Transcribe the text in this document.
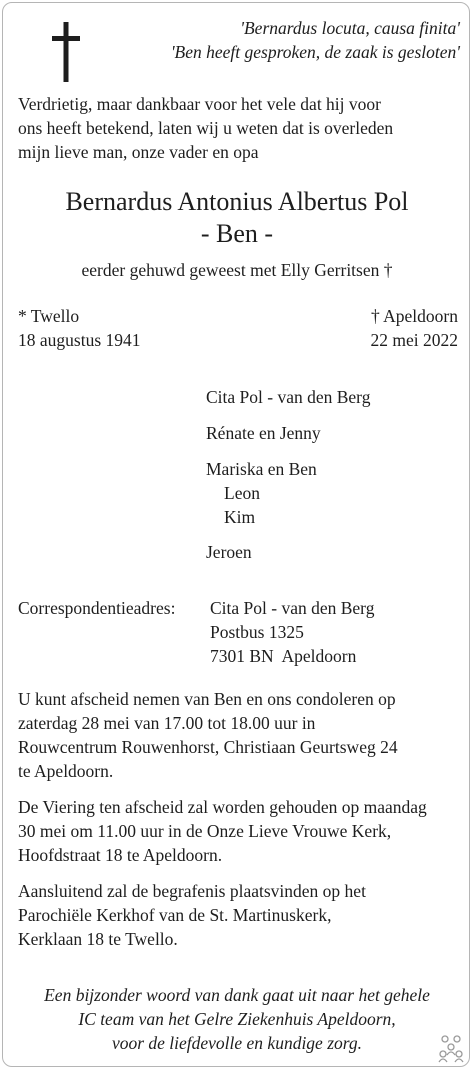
'Bernardus locuta, causa finita'
'Ben heeft gesproken, de zaak is gesloten'
Verdrietig, maar dankbaar voor het vele dat hij voor
ons heeft betekend, laten wij u weten dat is overleden
mijn lieve man, onze vader en opa
Bernardus Antonius Albertus Pol
- Ben -
eerder gehuwd geweest met Elly Gerritsen †
* Twello
18 augustus 1941
† Apeldoorn
22 mei 2022
Cita Pol - van den Berg
Rénate en Jenny
Mariska en Ben
Leon
Kim
Jeroen
Correspondentieadres: Cita Pol - van den Berg
Postbus 1325
7301 BN  Apeldoorn
U kunt afscheid nemen van Ben en ons condoleren op
zaterdag 28 mei van 17.00 tot 18.00 uur in
Rouwcentrum Rouwenhorst, Christiaan Geurtsweg 24
te Apeldoorn.
De Viering ten afscheid zal worden gehouden op maandag
30 mei om 11.00 uur in de Onze Lieve Vrouwe Kerk,
Hoofdstraat 18 te Apeldoorn.
Aansluitend zal de begrafenis plaatsvinden op het
Parochiële Kerkhof van de St. Martinuskerk,
Kerklaan 18 te Twello.
Een bijzonder woord van dank gaat uit naar het gehele
IC team van het Gelre Ziekenhuis Apeldoorn,
voor de liefdevolle en kundige zorg.
